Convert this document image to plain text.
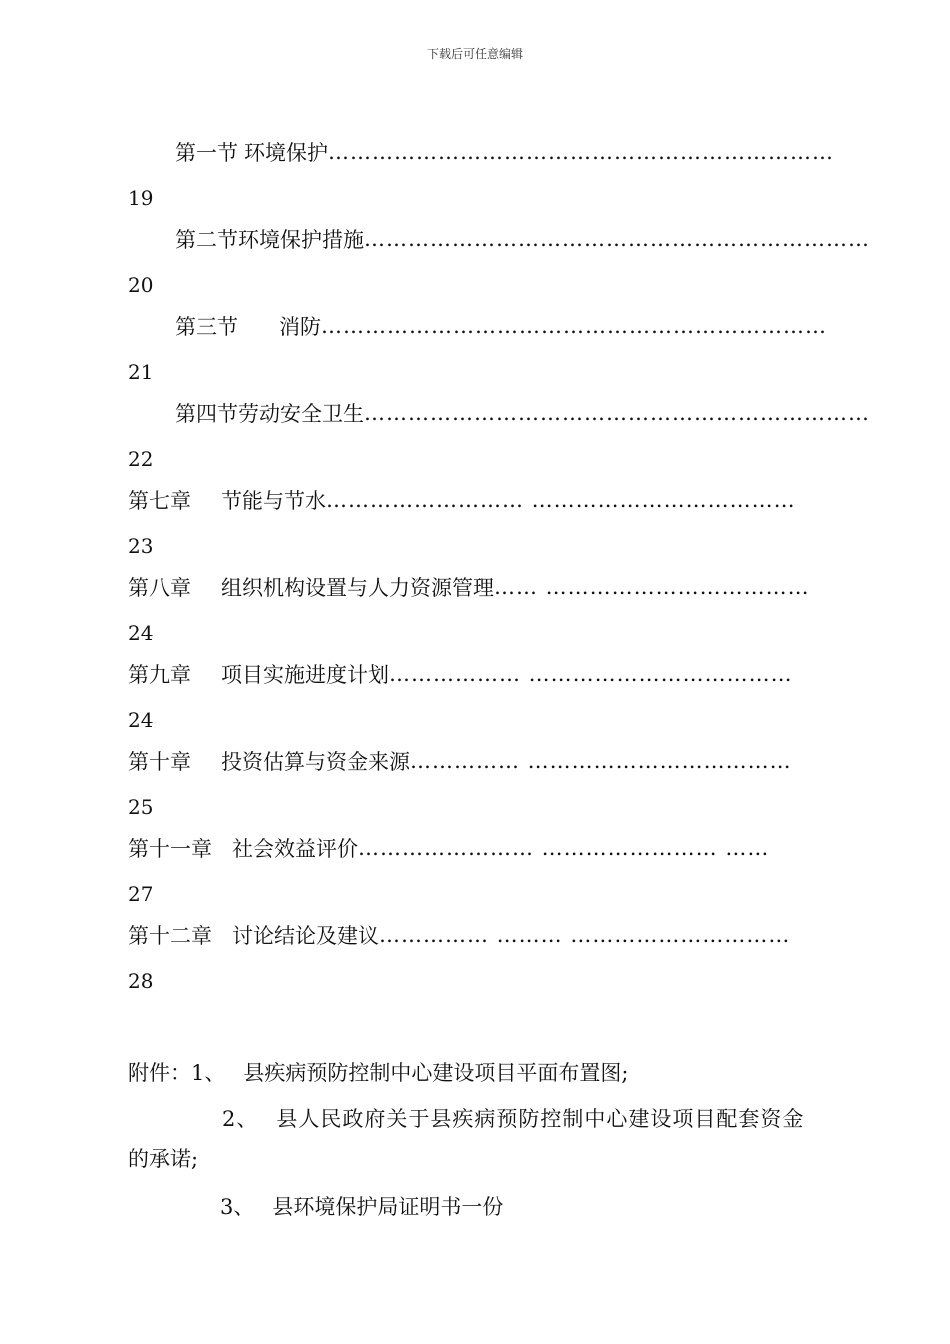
下载后可任意编辑
第一节 环境保护 ……………………………………………………………
19
第二节 环境保护措施 ……………………………………………………………
20
第三节	消防 ……………………………………………………………
21
第四节 劳动安全卫生 ……………………………………………………………
22
第七章	节能与节水 ……………………… ………………………………
23
第八章	组织机构设置与人力资源管理 …… ………………………………
24
第九章	项目实施进度计划 ……………… ………………………………
24
第十章	投资估算与资金来源 …………… ………………………………
25
第十一章 社会效益评价 …………………… …………………… ……
27
第十二章 讨论结论及建议 …………… ……… …………………………
28
附件： 1、 县疾病预防控制中心建设项目平面布置图;
2、 县人民政府关于县疾病预防控制中心建设项目配套资金
的承诺;
3、 县环境保护局证明书一份
